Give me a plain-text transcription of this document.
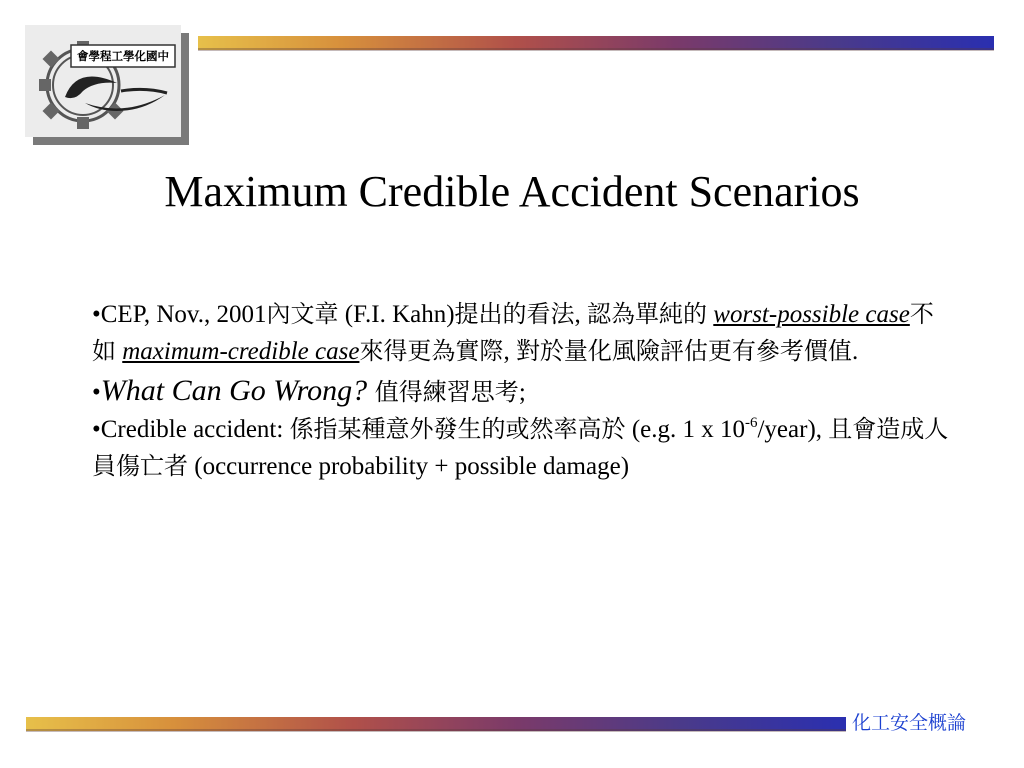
會學程工學化國中
Maximum Credible Accident Scenarios

•CEP, Nov., 2001內文章 (F.I. Kahn)提出的看法, 認為單純的 worst-possible case不如 maximum-credible case來得更為實際, 對於量化風險評估更有參考價值.

•What Can Go Wrong? 值得練習思考;

•Credible accident: 係指某種意外發生的或然率高於 (e.g. 1 x $10^{-6}/year$), 且會造成人員傷亡者 (occurrence probability + possible damage)

化工安全概論
